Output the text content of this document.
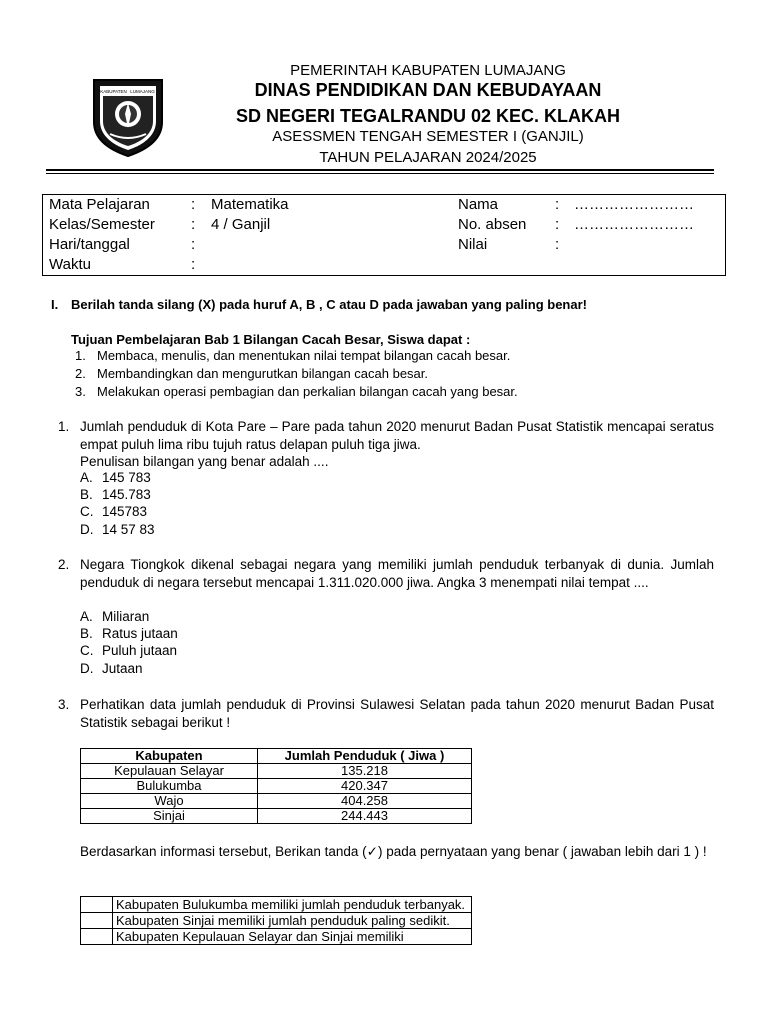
KABUPATEN LUMAJANG
PEMERINTAH KABUPATEN LUMAJANG
DINAS PENDIDIKAN DAN KEBUDAYAAN
SD NEGERI TEGALRANDU 02 KEC. KLAKAH
ASESSMEN TENGAH SEMESTER I (GANJIL)
TAHUN PELAJARAN 2024/2025
Mata Pelajaran	: Matematika	Nama	: ……………………
Kelas/Semester : 4 / Ganjil	No. absen : ……………………
Hari/tanggal	:	Nilai	:
Waktu	:
I. Berilah tanda silang (X) pada huruf A, B , C atau D pada jawaban yang paling benar!
Tujuan Pembelajaran Bab 1 Bilangan Cacah Besar, Siswa dapat :
1. Membaca, menulis, dan menentukan nilai tempat bilangan cacah besar.
2. Membandingkan dan mengurutkan bilangan cacah besar.
3. Melakukan operasi pembagian dan perkalian bilangan cacah yang besar.
1. Jumlah penduduk di Kota Pare – Pare pada tahun 2020 menurut Badan Pusat Statistik mencapai seratus empat puluh lima ribu tujuh ratus delapan puluh tiga jiwa.
Penulisan bilangan yang benar adalah ....
A. 145 783
B. 145.783
C. 145783
D. 14 57 83
2. Negara Tiongkok dikenal sebagai negara yang memiliki jumlah penduduk terbanyak di dunia. Jumlah penduduk di negara tersebut mencapai 1.311.020.000 jiwa. Angka 3 menempati nilai tempat ....
A. Miliaran
B. Ratus jutaan
C. Puluh jutaan
D. Jutaan
3. Perhatikan data jumlah penduduk di Provinsi Sulawesi Selatan pada tahun 2020 menurut Badan Pusat Statistik sebagai berikut !
Kabupaten	Jumlah Penduduk ( Jiwa )
Kepulauan Selayar	135.218
Bulukumba	420.347
Wajo	404.258
Sinjai	244.443
Berdasarkan informasi tersebut, Berikan tanda (✓) pada pernyataan yang benar ( jawaban lebih dari 1 ) !
	Kabupaten Bulukumba memiliki jumlah penduduk terbanyak.
	Kabupaten Sinjai memiliki jumlah penduduk paling sedikit.
	Kabupaten Kepulauan Selayar dan Sinjai memiliki
